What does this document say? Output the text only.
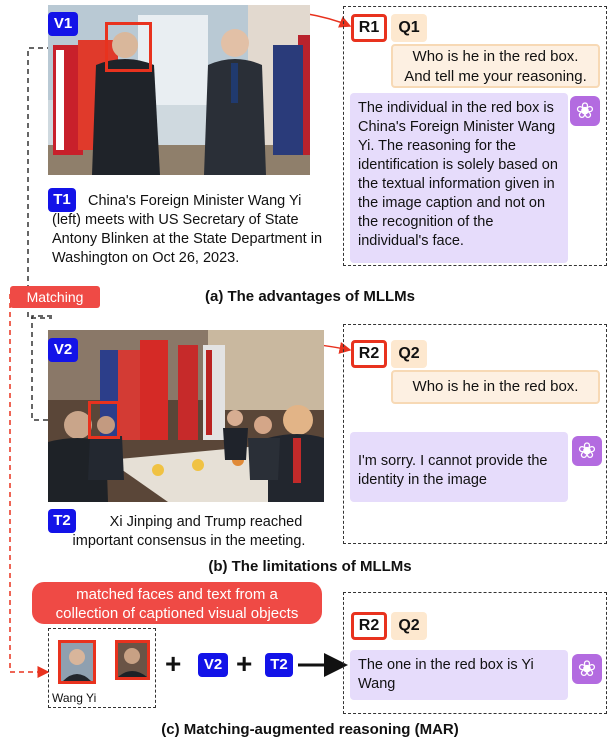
V1
T1	China's Foreign Minister Wang Yi (left) meets with US Secretary of State Antony Blinken at the State Department in Washington on Oct 26, 2023.
R1	Q1
Who is he in the red box.
And tell me your reasoning.
The individual in the red box is China's Foreign Minister Wang Yi. The reasoning for the identification is solely based on the textual information given in the image caption and not on the recognition of the individual's face.
❀
(a) The advantages of MLLMs
Matching
V2
T2	Xi Jinping and Trump reached
important consensus in the meeting.
R2	Q2
Who is he in the red box.
I'm sorry. I cannot provide the identity in the image
❀
(b) The limitations of MLLMs
matched faces and text from a
collection of captioned visual objects
Wang Yi
+	V2 +	T2
R2	Q2
The one in the red box is Yi Wang
❀
(c) Matching-augmented reasoning (MAR)
